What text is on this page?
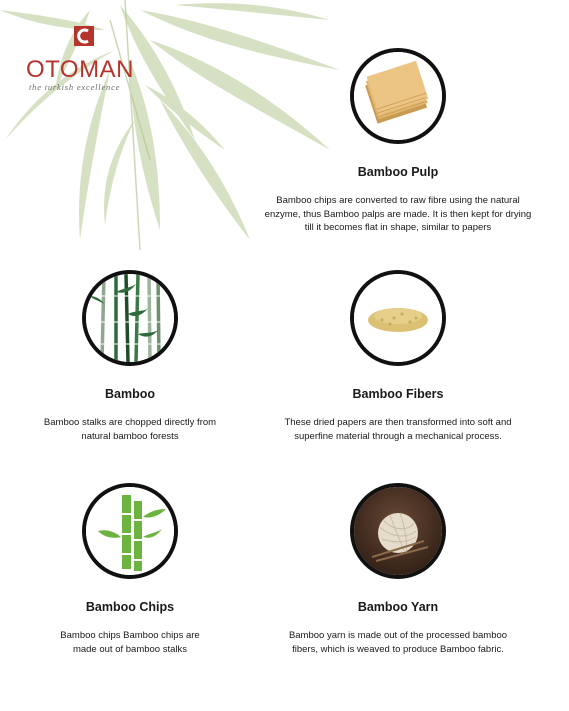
OTOMAN
the turkish excellence
Bamboo Pulp
Bamboo chips are converted to raw fibre using the natural enzyme, thus Bamboo palps are made. It is then kept for drying till it becomes flat in shape, similar to papers
Bamboo
Bamboo stalks are chopped directly from natural bamboo forests
Bamboo Fibers
These dried papers are then transformed into soft and superfine material through a mechanical process.
Bamboo Chips
Bamboo chips Bamboo chips are made out of bamboo stalks
Bamboo Yarn
Bamboo yarn is made out of the processed bamboo fibers, which is weaved to produce Bamboo fabric.
